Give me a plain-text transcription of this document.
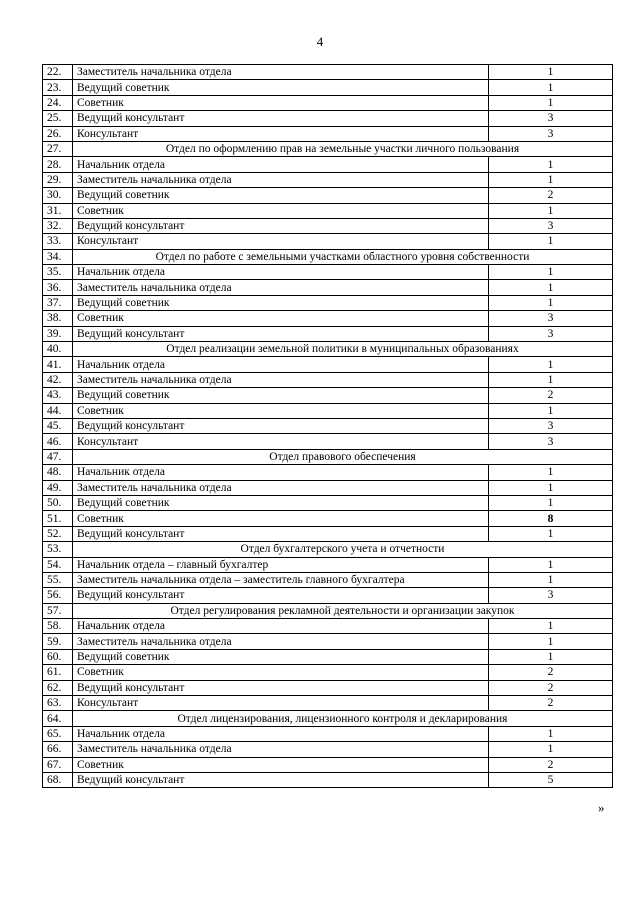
4
22.	Заместитель начальника отдела	1
23.	Ведущий советник	1
24.	Советник	1
25.	Ведущий консультант	3
26.	Консультант	3
27.	Отдел по оформлению прав на земельные участки личного пользования	
28.	Начальник отдела	1
29.	Заместитель начальника отдела	1
30.	Ведущий советник	2
31.	Советник	1
32.	Ведущий консультант	3
33.	Консультант	1
34.	Отдел по работе с земельными участками областного уровня собственности	
35.	Начальник отдела	1
36.	Заместитель начальника отдела	1
37.	Ведущий советник	1
38.	Советник	3
39.	Ведущий консультант	3
40.	Отдел реализации земельной политики в муниципальных образованиях	
41.	Начальник отдела	1
42.	Заместитель начальника отдела	1
43.	Ведущий советник	2
44.	Советник	1
45.	Ведущий консультант	3
46.	Консультант	3
47.	Отдел правового обеспечения	
48.	Начальник отдела	1
49.	Заместитель начальника отдела	1
50.	Ведущий советник	1
51.	Советник	8
52.	Ведущий консультант	1
53.	Отдел бухгалтерского учета и отчетности	
54.	Начальник отдела – главный бухгалтер	1
55.	Заместитель начальника отдела – заместитель главного бухгалтера	1
56.	Ведущий консультант	3
57.	Отдел регулирования рекламной деятельности и организации закупок	
58.	Начальник отдела	1
59.	Заместитель начальника отдела	1
60.	Ведущий советник	1
61.	Советник	2
62.	Ведущий консультант	2
63.	Консультант	2
64.	Отдел лицензирования, лицензионного контроля и декларирования	
65.	Начальник отдела	1
66.	Заместитель начальника отдела	1
67.	Советник	2
68.	Ведущий консультант	5
»
